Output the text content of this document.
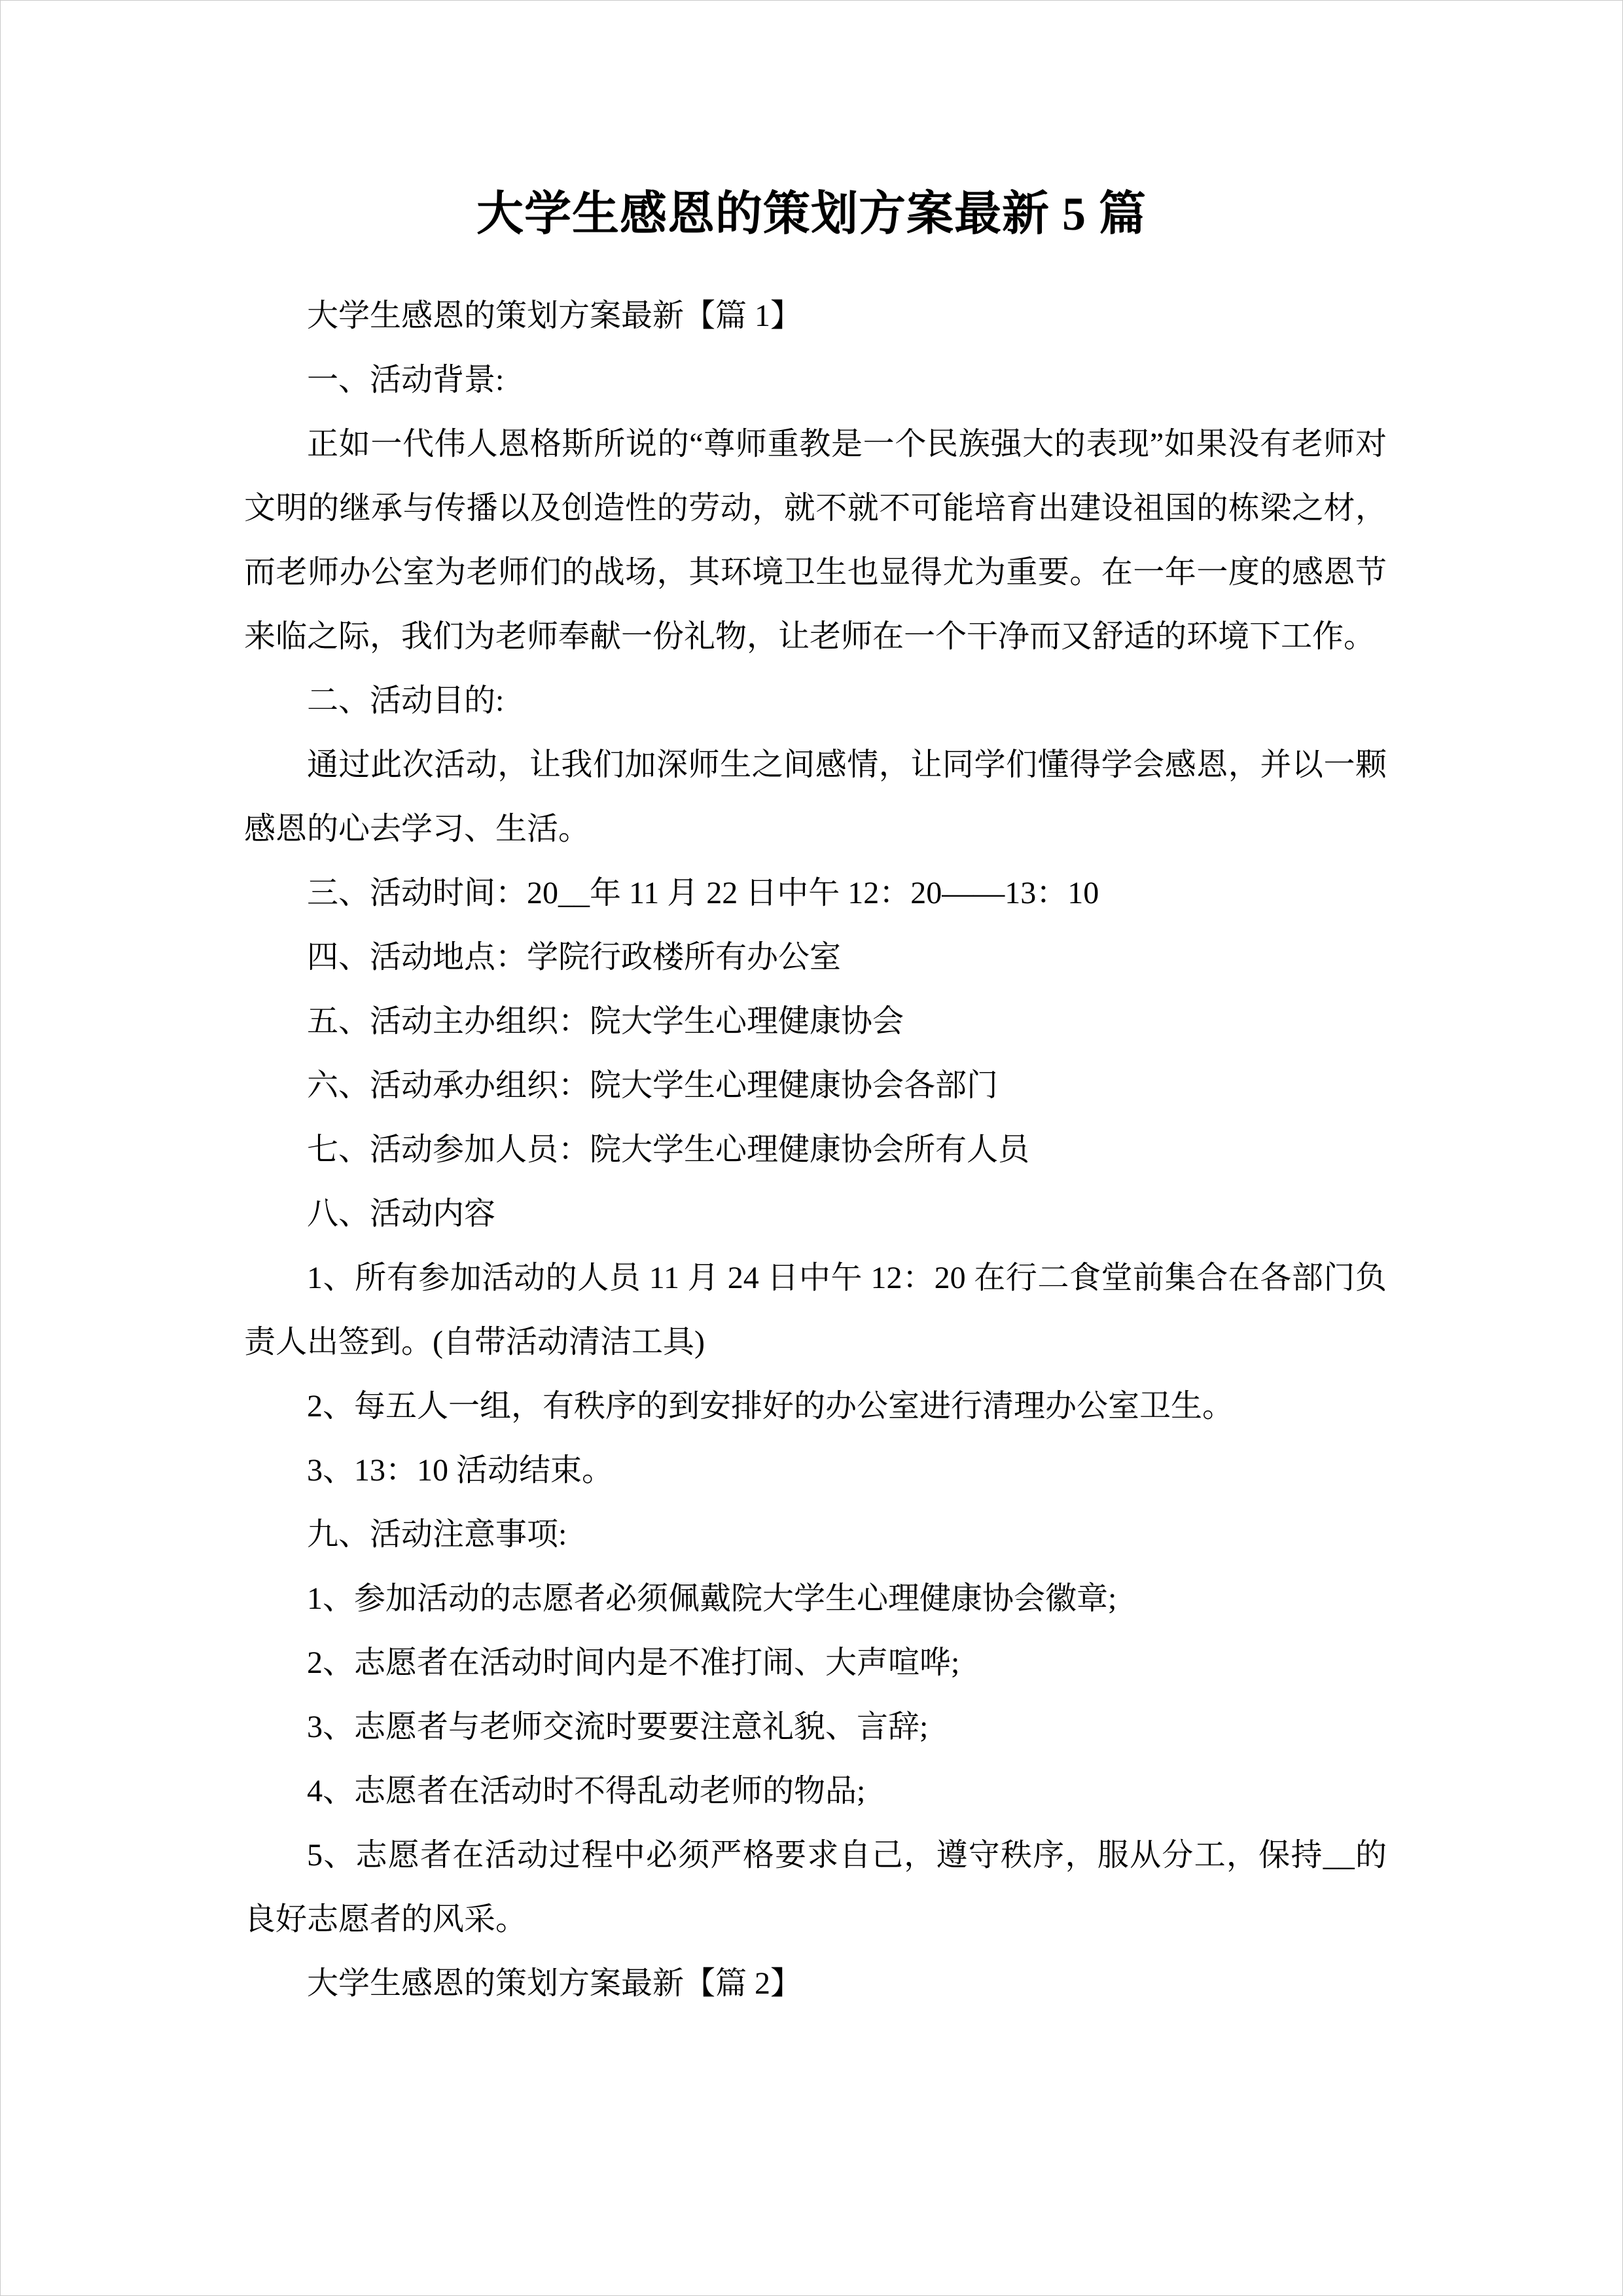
大学生感恩的策划方案最新 5 篇

大学生感恩的策划方案最新【篇 1】

一、活动背景:

正如一代伟人恩格斯所说的“尊师重教是一个民族强大的表现”如果没有老师对文明的继承与传播以及创造性的劳动，就不就不可能培育出建设祖国的栋梁之材，而老师办公室为老师们的战场，其环境卫生也显得尤为重要。在一年一度的感恩节来临之际，我们为老师奉献一份礼物，让老师在一个干净而又舒适的环境下工作。

二、活动目的:

通过此次活动，让我们加深师生之间感情，让同学们懂得学会感恩，并以一颗感恩的心去学习、生活。

三、活动时间：20__年 11 月 22 日中午 12：20——13：10

四、活动地点：学院行政楼所有办公室

五、活动主办组织：院大学生心理健康协会

六、活动承办组织：院大学生心理健康协会各部门

七、活动参加人员：院大学生心理健康协会所有人员

八、活动内容

1、所有参加活动的人员 11 月 24 日中午 12：20 在行二食堂前集合在各部门负责人出签到。(自带活动清洁工具)

2、每五人一组，有秩序的到安排好的办公室进行清理办公室卫生。

3、13：10 活动结束。

九、活动注意事项:

1、参加活动的志愿者必须佩戴院大学生心理健康协会徽章;

2、志愿者在活动时间内是不准打闹、大声喧哗;

3、志愿者与老师交流时要要注意礼貌、言辞;

4、志愿者在活动时不得乱动老师的物品;

5、志愿者在活动过程中必须严格要求自己，遵守秩序，服从分工，保持__的良好志愿者的风采。

大学生感恩的策划方案最新【篇 2】
